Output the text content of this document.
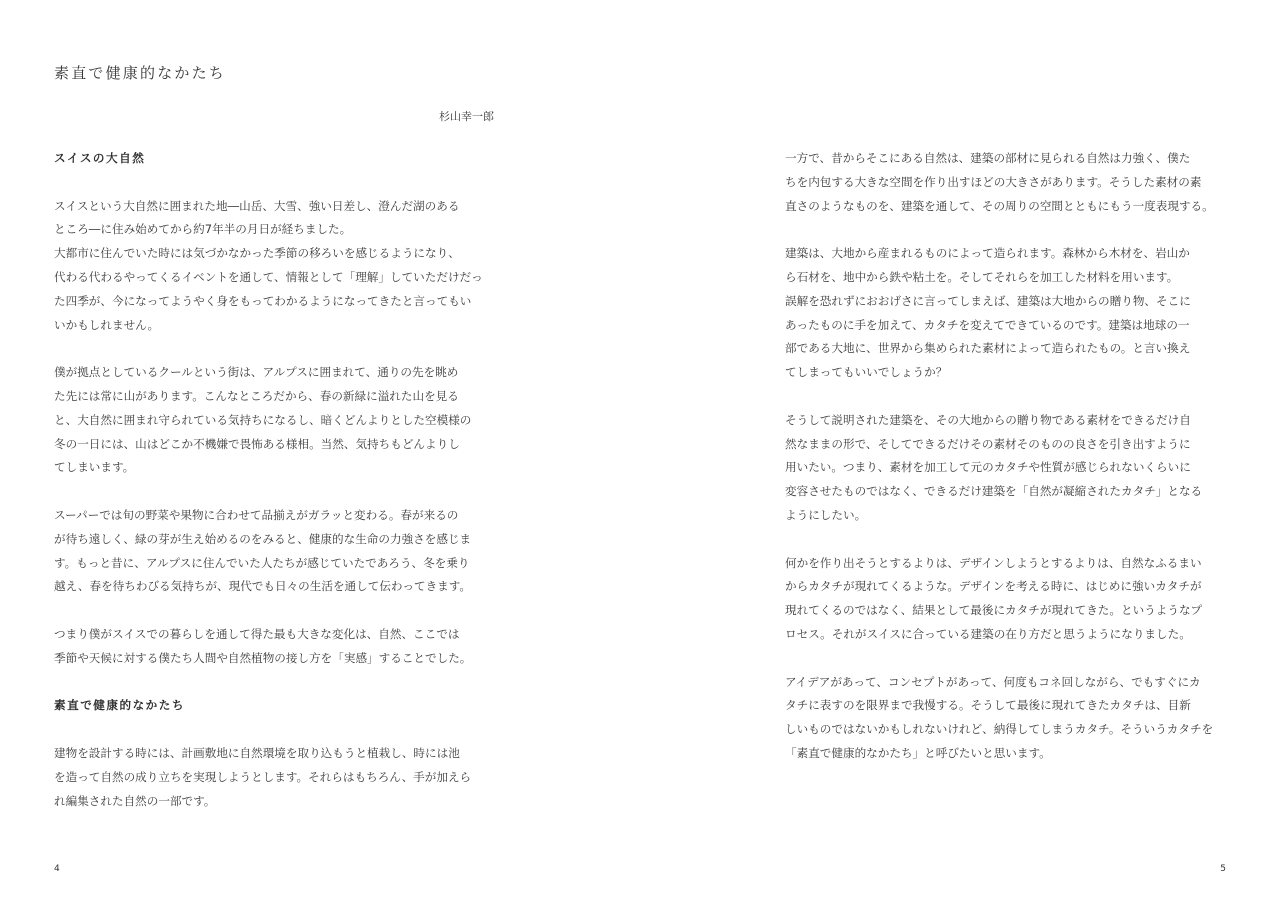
素直で健康的なかたち
杉山幸一郎
スイスの大自然
スイスという大自然に囲まれた地―山岳、大雪、強い日差し、澄んだ湖のある
ところ―に住み始めてから約7年半の月日が経ちました。
大都市に住んでいた時には気づかなかった季節の移ろいを感じるようになり、
代わる代わるやってくるイベントを通して、情報として「理解」していただけだっ
た四季が、今になってようやく身をもってわかるようになってきたと言ってもい
いかもしれません。
僕が拠点としているクールという街は、アルプスに囲まれて、通りの先を眺め
た先には常に山があります。こんなところだから、春の新緑に溢れた山を見る
と、大自然に囲まれ守られている気持ちになるし、暗くどんよりとした空模様の
冬の一日には、山はどこか不機嫌で畏怖ある様相。当然、気持ちもどんよりし
てしまいます。
スーパーでは旬の野菜や果物に合わせて品揃えがガラッと変わる。春が来るの
が待ち遠しく、緑の芽が生え始めるのをみると、健康的な生命の力強さを感じま
す。もっと昔に、アルプスに住んでいた人たちが感じていたであろう、冬を乗り
越え、春を待ちわびる気持ちが、現代でも日々の生活を通して伝わってきます。
つまり僕がスイスでの暮らしを通して得た最も大きな変化は、自然、ここでは
季節や天候に対する僕たち人間や自然植物の接し方を「実感」することでした。
素直で健康的なかたち
建物を設計する時には、計画敷地に自然環境を取り込もうと植栽し、時には池
を造って自然の成り立ちを実現しようとします。それらはもちろん、手が加えら
れ編集された自然の一部です。
4
一方で、昔からそこにある自然は、建築の部材に見られる自然は力強く、僕た
ちを内包する大きな空間を作り出すほどの大きさがあります。そうした素材の素
直さのようなものを、建築を通して、その周りの空間とともにもう一度表現する。
建築は、大地から産まれるものによって造られます。森林から木材を、岩山か
ら石材を、地中から鉄や粘土を。そしてそれらを加工した材料を用います。
誤解を恐れずにおおげさに言ってしまえば、建築は大地からの贈り物、そこに
あったものに手を加えて、カタチを変えてできているのです。建築は地球の一
部である大地に、世界から集められた素材によって造られたもの。と言い換え
てしまってもいいでしょうか？
そうして説明された建築を、その大地からの贈り物である素材をできるだけ自
然なままの形で、そしてできるだけその素材そのものの良さを引き出すように
用いたい。つまり、素材を加工して元のカタチや性質が感じられないくらいに
変容させたものではなく、できるだけ建築を「自然が凝縮されたカタチ」となる
ようにしたい。
何かを作り出そうとするよりは、デザインしようとするよりは、自然なふるまい
からカタチが現れてくるような。デザインを考える時に、はじめに強いカタチが
現れてくるのではなく、結果として最後にカタチが現れてきた。というようなプ
ロセス。それがスイスに合っている建築の在り方だと思うようになりました。
アイデアがあって、コンセプトがあって、何度もコネ回しながら、でもすぐにカ
タチに表すのを限界まで我慢する。そうして最後に現れてきたカタチは、目新
しいものではないかもしれないけれど、納得してしまうカタチ。そういうカタチを
「素直で健康的なかたち」と呼びたいと思います。
5
